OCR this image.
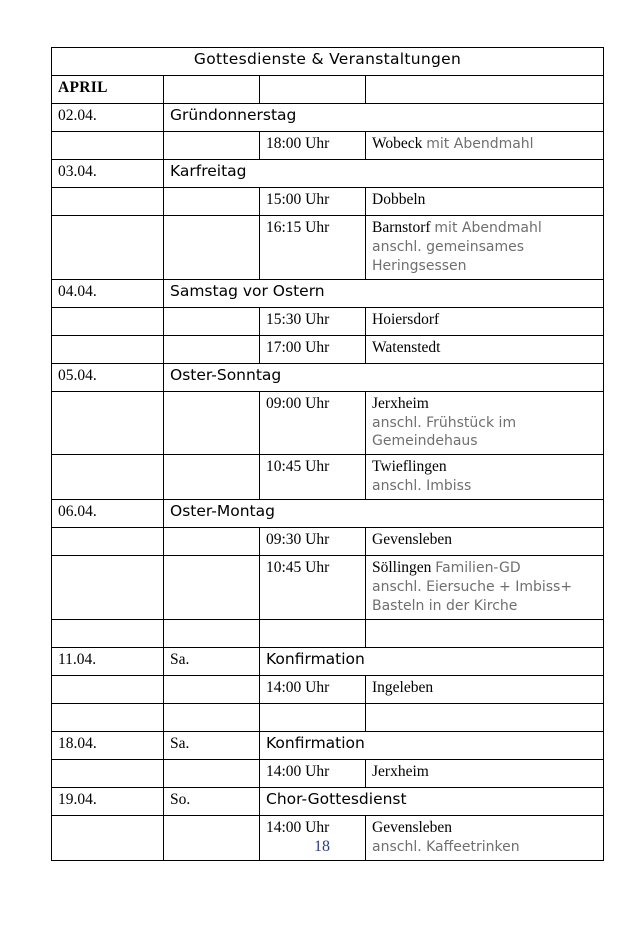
Gottesdienste & Veranstaltungen			
APRIL			
02.04.	Gründonnerstag		
		18:00 Uhr	Wobeck mit Abendmahl
03.04.	Karfreitag		
		15:00 Uhr	Dobbeln
		16:15 Uhr	Barnstorf mit Abendmahl
anschl. gemeinsames
Heringsessen

04.04.	Samstag vor Ostern		
		15:30 Uhr	Hoiersdorf
		17:00 Uhr	Watenstedt
05.04.	Oster-Sonntag		
		09:00 Uhr	Jerxheim
anschl. Frühstück im
Gemeindehaus

		10:45 Uhr	Twieflingen
anschl. Imbiss

06.04.	Oster-Montag		
		09:30 Uhr	Gevensleben
		10:45 Uhr	Söllingen Familien-GD
anschl. Eiersuche + Imbiss+
Basteln in der Kirche

11.04.	Sa.	Konfirmation	
		14:00 Uhr	Ingeleben

18.04.	Sa.	Konfirmation	
		14:00 Uhr	Jerxheim
19.04.	So.	Chor-Gottesdienst	
		14:00 Uhr	Gevensleben
anschl. Kaffeetrinken
18
